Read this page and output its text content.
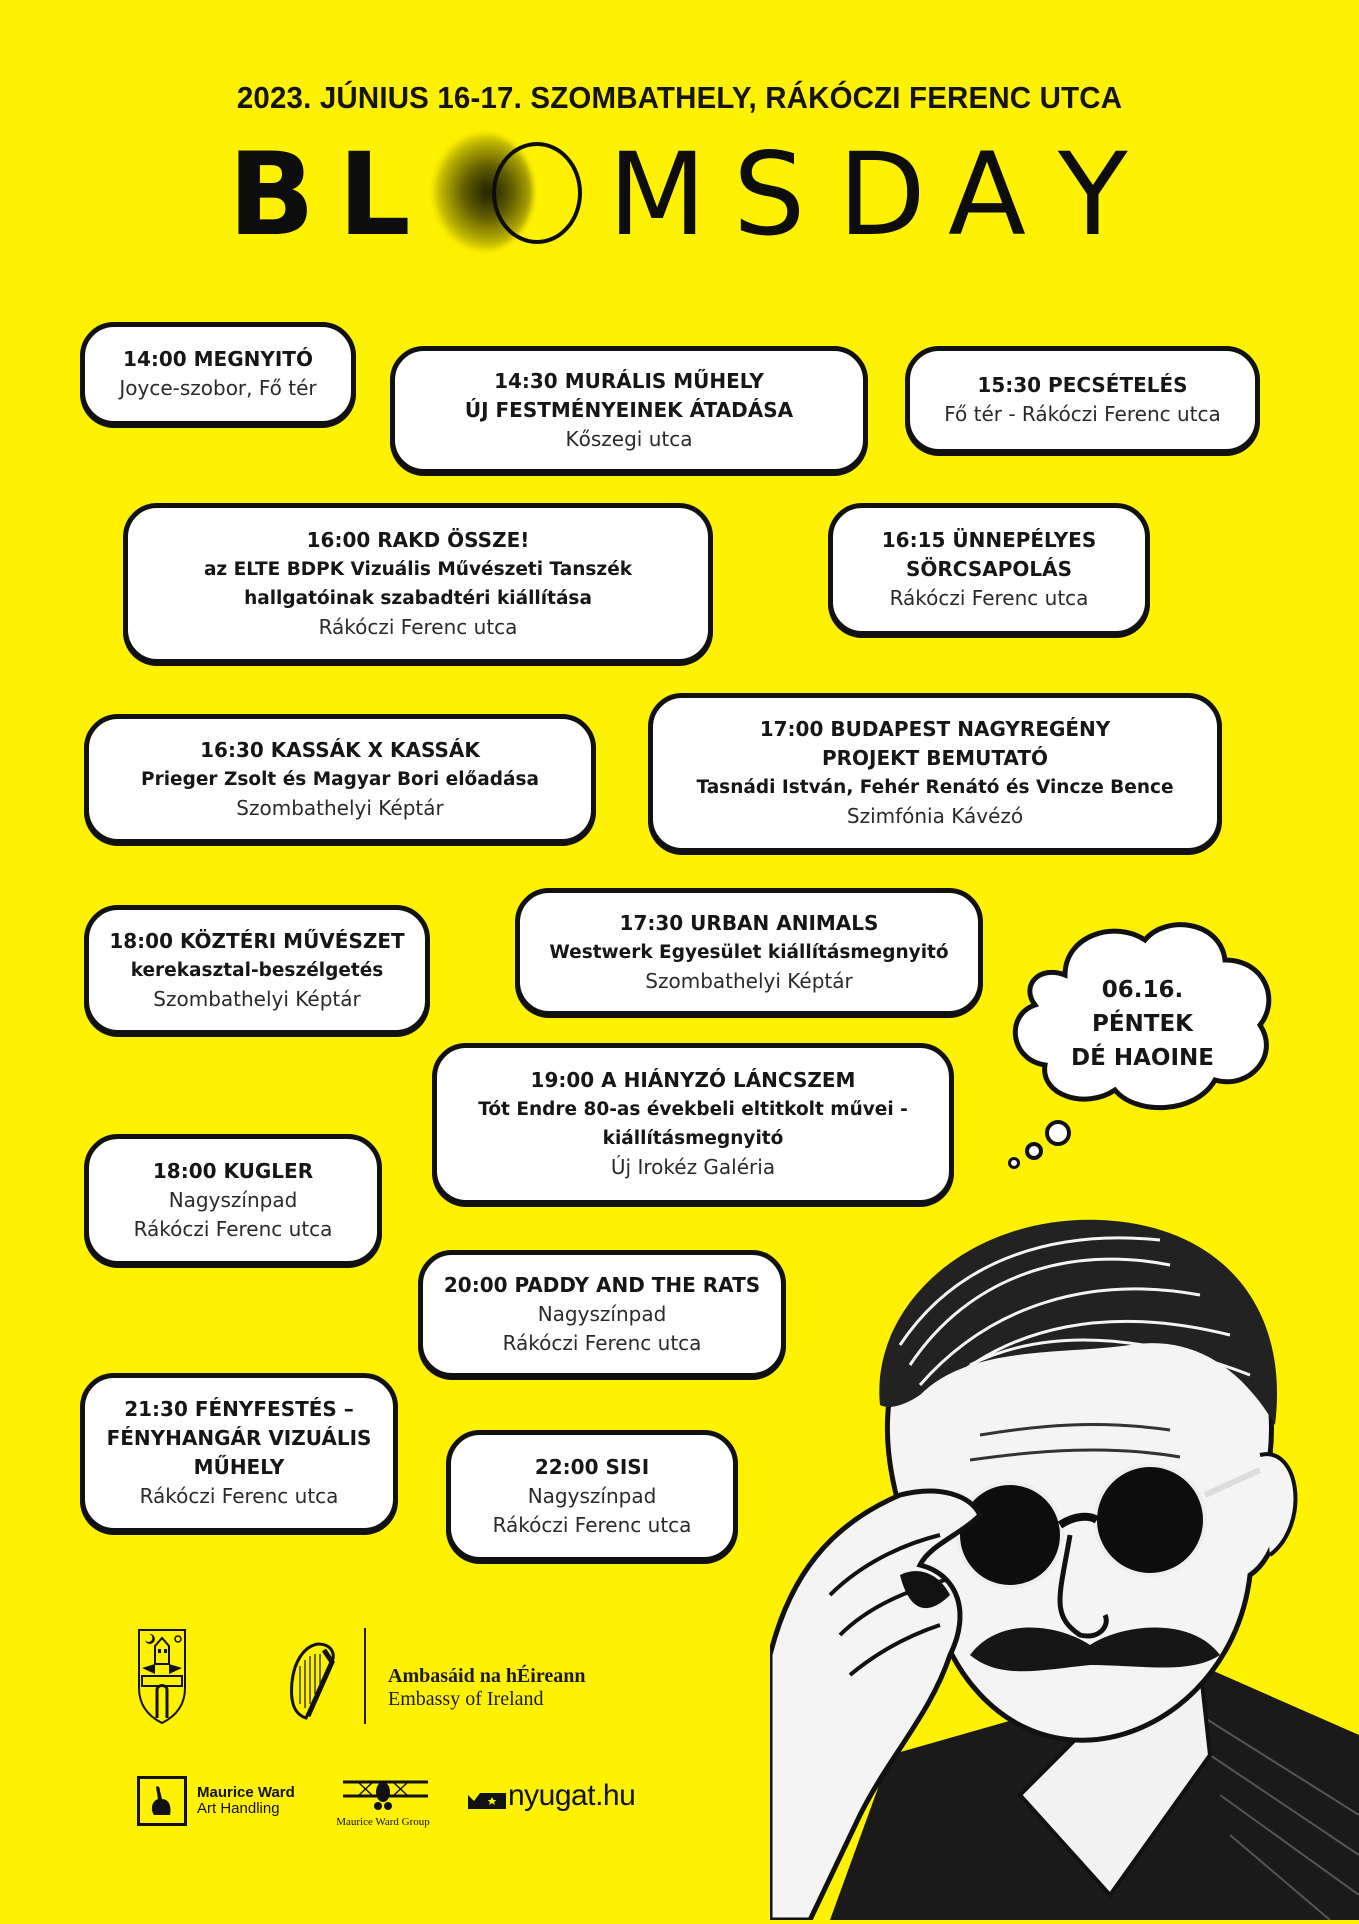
2023. JÚNIUS 16-17. SZOMBATHELY, RÁKÓCZI FERENC UTCA
B L M S D A Y
14:00 MEGNYITÓ
Joyce-szobor, Fő tér	14:30 MURÁLIS MŰHELY
ÚJ FESTMÉNYEINEK ÁTADÁSA
Kőszegi utca
15:30 PECSÉTELÉS
Fő tér - Rákóczi Ferenc utca
16:00 RAKD ÖSSZE!
az ELTE BDPK Vizuális Művészeti Tanszék
hallgatóinak szabadtéri kiállítása
Rákóczi Ferenc utca
16:15 ÜNNEPÉLYES
SÖRCSAPOLÁS
Rákóczi Ferenc utca
16:30 KASSÁK X KASSÁK
Prieger Zsolt és Magyar Bori előadása
Szombathelyi Képtár
17:00 BUDAPEST NAGYREGÉNY
PROJEKT BEMUTATÓ
Tasnádi István, Fehér Renátó és Vincze Bence
Szimfónia Kávézó
17:30 URBAN ANIMALS
Westwerk Egyesület kiállításmegnyitó
Szombathelyi Képtár
18:00 KÖZTÉRI MŰVÉSZET
kerekasztal-beszélgetés
Szombathelyi Képtár
19:00 A HIÁNYZÓ LÁNCSZEM
Tót Endre 80-as évekbeli eltitkolt művei -
kiállításmegnyitó
Új Irokéz Galéria
18:00 KUGLER
Nagyszínpad
Rákóczi Ferenc utca
20:00 PADDY AND THE RATS
Nagyszínpad
Rákóczi Ferenc utca
21:30 FÉNYFESTÉS –
FÉNYHANGÁR VIZUÁLIS
MŰHELY
Rákóczi Ferenc utca
22:00 SISI
Nagyszínpad
Rákóczi Ferenc utca
06.16.
PÉNTEK
DÉ HAOINE
Ambasáid na hÉireann
Embassy of Ireland
Maurice Ward
Art Handling
Maurice Ward Group
nyugat.hu
